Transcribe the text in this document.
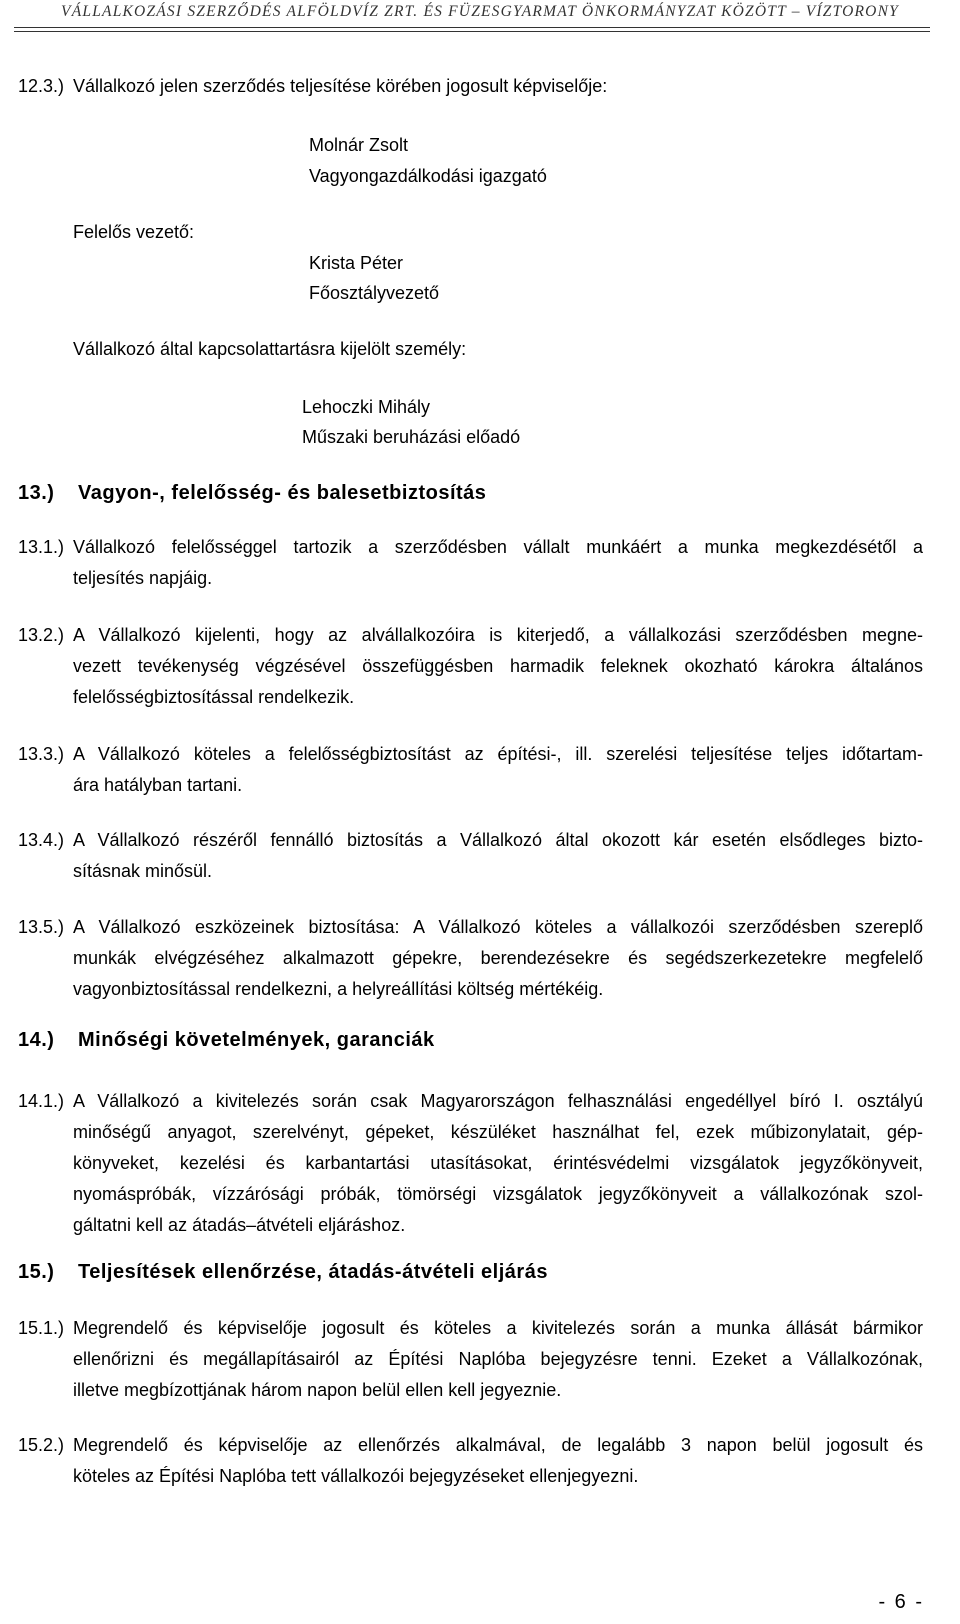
VÁLLALKOZÁSI SZERZŐDÉS ALFÖLDVÍZ ZRT. ÉS FÜZESGYARMAT ÖNKORMÁNYZAT KÖZÖTT – VÍZTORONY
12.3.) Vállalkozó jelen szerződés teljesítése körében jogosult képviselője:
Molnár Zsolt
Vagyongazdálkodási igazgató
Felelős vezető:
Krista Péter
Főosztályvezető
Vállalkozó által kapcsolattartásra kijelölt személy:
Lehoczki Mihály
Műszaki beruházási előadó
13.) Vagyon-, felelősség- és balesetbiztosítás
13.1.) Vállalkozó felelősséggel tartozik a szerződésben vállalt munkáért a munka megkezdésétől a
teljesítés napjáig.
13.2.) A Vállalkozó kijelenti, hogy az alvállalkozóira is kiterjedő, a vállalkozási szerződésben megne-
vezett tevékenység végzésével összefüggésben harmadik feleknek okozható károkra általános
felelősségbiztosítással rendelkezik.
13.3.) A Vállalkozó köteles a felelősségbiztosítást az építési-, ill. szerelési teljesítése teljes időtartam-
ára hatályban tartani.
13.4.) A Vállalkozó részéről fennálló biztosítás a Vállalkozó által okozott kár esetén elsődleges bizto-
sításnak minősül.
13.5.) A Vállalkozó eszközeinek biztosítása: A Vállalkozó köteles a vállalkozói szerződésben szereplő
munkák elvégzéséhez alkalmazott gépekre, berendezésekre és segédszerkezetekre megfelelő
vagyonbiztosítással rendelkezni, a helyreállítási költség mértékéig.
14.) Minőségi követelmények, garanciák
14.1.) A Vállalkozó a kivitelezés során csak Magyarországon felhasználási engedéllyel bíró I. osztályú
minőségű anyagot, szerelvényt, gépeket, készüléket használhat fel, ezek műbizonylatait, gép-
könyveket, kezelési és karbantartási utasításokat, érintésvédelmi vizsgálatok jegyzőkönyveit,
nyomáspróbák, vízzárósági próbák, tömörségi vizsgálatok jegyzőkönyveit a vállalkozónak szol-
gáltatni kell az átadás–átvételi eljáráshoz.
15.) Teljesítések ellenőrzése, átadás-átvételi eljárás
15.1.) Megrendelő és képviselője jogosult és köteles a kivitelezés során a munka állását bármikor
ellenőrizni és megállapításairól az Építési Naplóba bejegyzésre tenni. Ezeket a Vállalkozónak,
illetve megbízottjának három napon belül ellen kell jegyeznie.
15.2.) Megrendelő és képviselője az ellenőrzés alkalmával, de legalább 3 napon belül jogosult és
köteles az Építési Naplóba tett vállalkozói bejegyzéseket ellenjegyezni.
- 6 -
